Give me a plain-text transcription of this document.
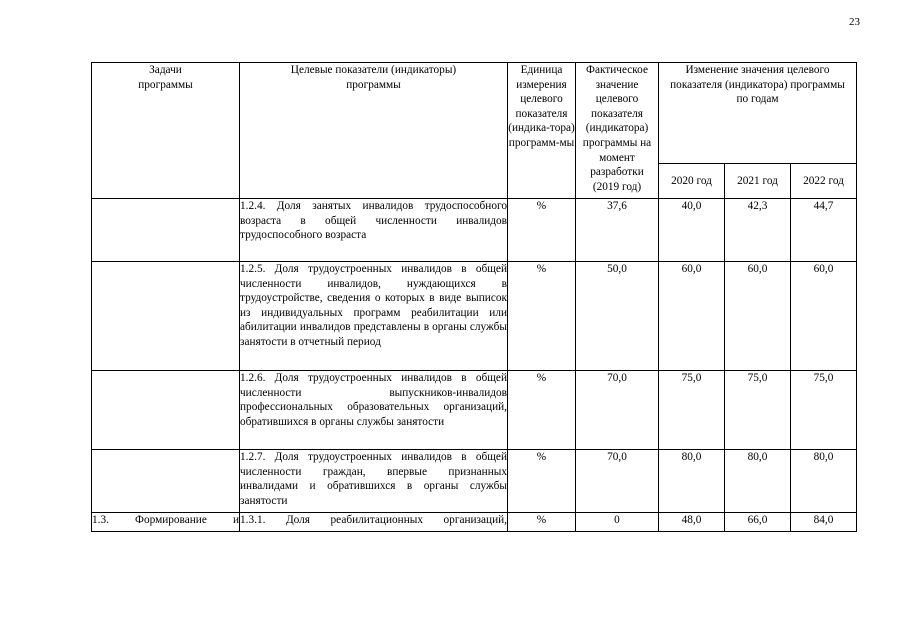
23
Задачи программы	Целевые показатели (индикаторы) программы	Единица измерения целевого показателя (индика-тора) программ-мы	Фактическое значение целевого показателя (индикатора) программы на момент разработки (2019 год)	Изменение значения целевого показателя (индикатора) программы по годам		
				2020 год	2021 год	2022 год
	1.2.4. Доля занятых инвалидов трудоспособного возраста в общей численности инвалидов трудоспособного возраста	%	37,6	40,0	42,3	44,7
	1.2.5. Доля трудоустроенных инвалидов в общей численности инвалидов, нуждающихся в трудоустройстве, сведения о которых в виде выписок из индивидуальных программ реабилитации или абилитации инвалидов представлены в органы службы занятости в отчетный период	%	50,0	60,0	60,0	60,0
	1.2.6. Доля трудоустроенных инвалидов в общей численности выпускников-инвалидов профессиональных образовательных организаций, обратившихся в органы службы занятости	%	70,0	75,0	75,0	75,0
	1.2.7. Доля трудоустроенных инвалидов в общей численности граждан, впервые признанных инвалидами и обратившихся в органы службы занятости	%	70,0	80,0	80,0	80,0
1.3. Формирование и	1.3.1. Доля реабилитационных организаций,	%	0	48,0	66,0	84,0
